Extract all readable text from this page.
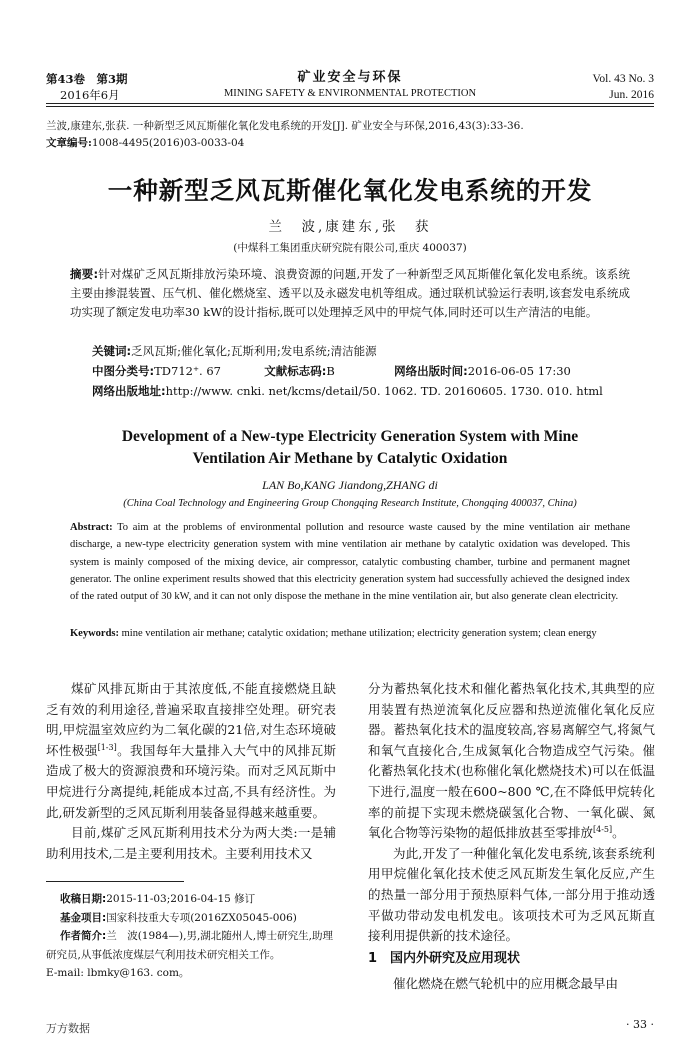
第43卷　第3期
2016年6月
矿业安全与环保
MINING SAFETY & ENVIRONMENTAL PROTECTION
Vol. 43 No. 3
Jun. 2016
兰波,康建东,张获. 一种新型乏风瓦斯催化氧化发电系统的开发[J]. 矿业安全与环保,2016,43(3):33-36.
文章编号:1008-4495(2016)03-0033-04
一种新型乏风瓦斯催化氧化发电系统的开发
兰　波,康建东,张　获
(中煤科工集团重庆研究院有限公司,重庆 400037)
摘要:针对煤矿乏风瓦斯排放污染环境、浪费资源的问题,开发了一种新型乏风瓦斯催化氧化发电系统。该系统主要由掺混装置、压气机、催化燃烧室、透平以及永磁发电机等组成。通过联机试验运行表明,该套发电系统成功实现了额定发电功率30 kW的设计指标,既可以处理掉乏风中的甲烷气体,同时还可以生产清洁的电能。
关键词:乏风瓦斯;催化氧化;瓦斯利用;发电系统;清洁能源
中图分类号:TD712⁺. 67	文献标志码:B	网络出版时间:2016-06-05 17:30
网络出版地址:http://www. cnki. net/kcms/detail/50. 1062. TD. 20160605. 1730. 010. html
Development of a New-type Electricity Generation System with Mine
Ventilation Air Methane by Catalytic Oxidation
LAN Bo,KANG Jiandong,ZHANG di
(China Coal Technology and Engineering Group Chongqing Research Institute, Chongqing 400037, China)
Abstract: To aim at the problems of environmental pollution and resource waste caused by the mine ventilation air methane discharge, a new-type electricity generation system with mine ventilation air methane by catalytic oxidation was developed. This system is mainly composed of the mixing device, air compressor, catalytic combusting chamber, turbine and permanent magnet generator. The online experiment results showed that this electricity generation system had successfully achieved the designed index of the rated output of 30 kW, and it can not only dispose the methane in the mine ventilation air, but also generate clean electricity.
Keywords: mine ventilation air methane; catalytic oxidation; methane utilization; electricity generation system; clean energy

煤矿风排瓦斯由于其浓度低,不能直接燃烧且缺乏有效的利用途径,普遍采取直接排空处理。研究表明,甲烷温室效应约为二氧化碳的21倍,对生态环境破坏性极强[1-3]。我国每年大量排入大气中的风排瓦斯造成了极大的资源浪费和环境污染。而对乏风瓦斯中甲烷进行分离提纯,耗能成本过高,不具有经济性。为此,研发新型的乏风瓦斯利用装备显得越来越重要。

目前,煤矿乏风瓦斯利用技术分为两大类:一是辅助利用技术,二是主要利用技术。主要利用技术又

收稿日期:2015-11-03;2016-04-15 修订
基金项目:国家科技重大专项(2016ZX05045-006)
作者简介:兰　波(1984—),男,湖北随州人,博士研究生,助理研究员,从事低浓度煤层气利用技术研究相关工作。
E-mail: lbmky@163. com。

分为蓄热氧化技术和催化蓄热氧化技术,其典型的应用装置有热逆流氧化反应器和热逆流催化氧化反应器。蓄热氧化技术的温度较高,容易离解空气,将氮气和氧气直接化合,生成氮氧化合物造成空气污染。催化蓄热氧化技术(也称催化氧化燃烧技术)可以在低温下进行,温度一般在600~800 ℃,在不降低甲烷转化率的前提下实现未燃烧碳氢化合物、一氧化碳、氮氧化合物等污染物的超低排放甚至零排放[4-5]。

为此,开发了一种催化氧化发电系统,该套系统利用甲烷催化氧化技术使乏风瓦斯发生氧化反应,产生的热量一部分用于预热原料气体,一部分用于推动透平做功带动发电机发电。该项技术可为乏风瓦斯直接利用提供新的技术途径。

1　国内外研究及应用现状

催化燃烧在燃气轮机中的应用概念最早由

· 33 ·
万方数据
